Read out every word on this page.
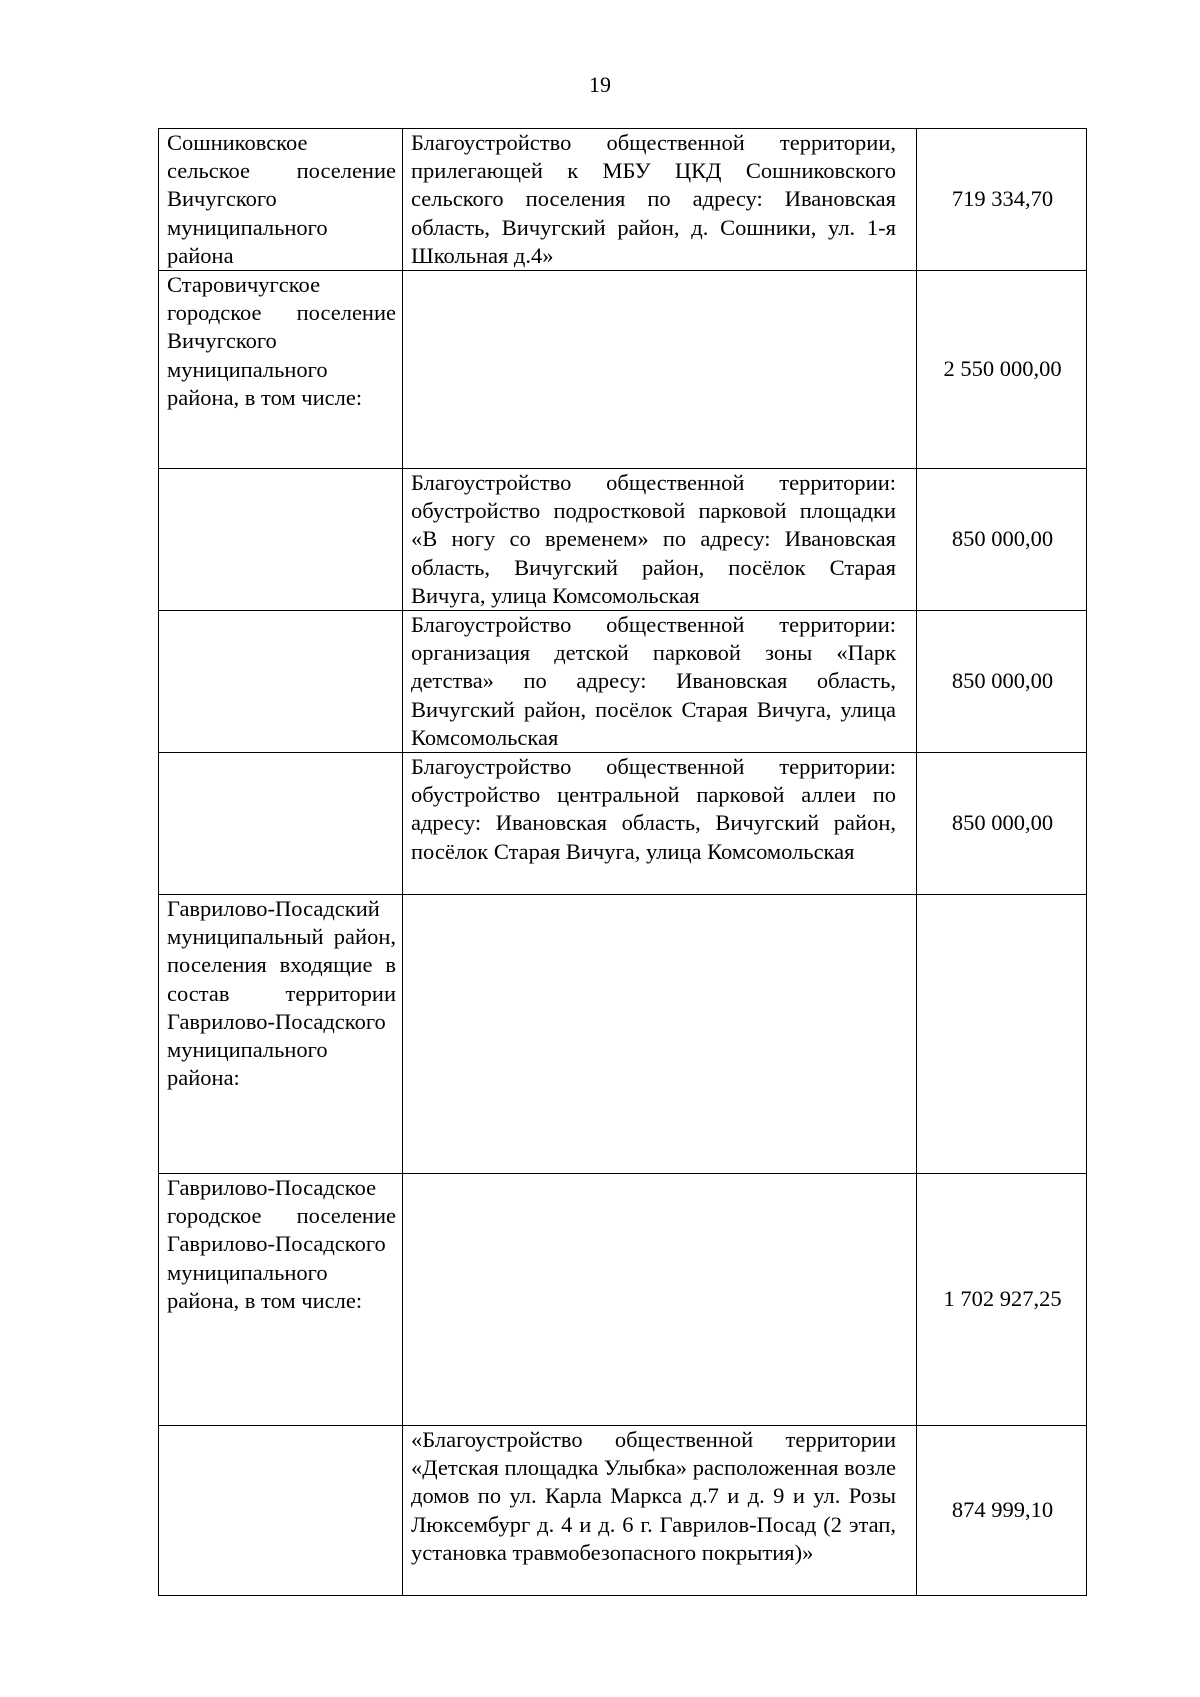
19
Сошниковское сельское поселение Вичугского муниципального района	Благоустройство общественной территории, прилегающей к МБУ ЦКД Сошниковского сельского поселения по адресу: Ивановская область, Вичугский район, д. Сошники, ул. 1-я Школьная д.4»	719 334,70
Старовичугское городское поселение Вичугского муниципального района, в том числе:		2 550 000,00
	Благоустройство общественной территории: обустройство подростковой парковой площадки «В ногу со временем» по адресу: Ивановская область, Вичугский район, посёлок Старая Вичуга, улица Комсомольская	850 000,00
	Благоустройство общественной территории: организация детской парковой зоны «Парк детства» по адресу: Ивановская область, Вичугский район, посёлок Старая Вичуга, улица Комсомольская	850 000,00
	Благоустройство общественной территории: обустройство центральной парковой аллеи по адресу: Ивановская область, Вичугский район, посёлок Старая Вичуга, улица Комсомольская	850 000,00
Гаврилово-Посадский муниципальный район, поселения входящие в состав территории Гаврилово-Посадского муниципального района:		
Гаврилово-Посадское городское поселение Гаврилово-Посадского муниципального района, в том числе:		1 702 927,25
	«Благоустройство общественной территории «Детская площадка Улыбка» расположенная возле домов по ул. Карла Маркса д.7 и д. 9 и ул. Розы Люксембург д. 4 и д. 6 г. Гаврилов-Посад (2 этап, установка травмобезопасного покрытия)»	874 999,10
